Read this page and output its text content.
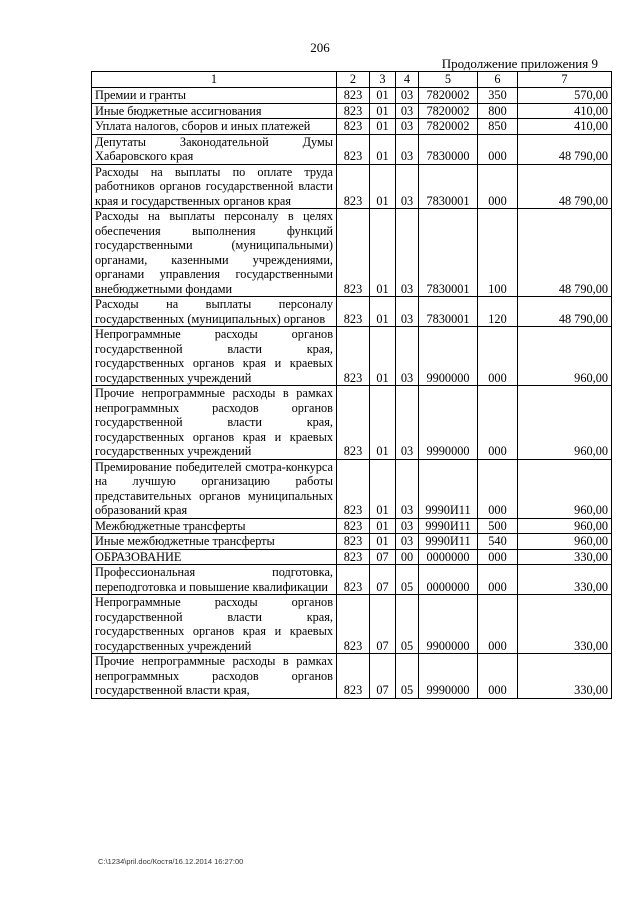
206
Продолжение приложения 9
1	2	3	4	5	6	7
Премии и гранты	823	01	03	7820002	350	570,00
Иные бюджетные ассигнования	823	01	03	7820002	800	410,00
Уплата налогов, сборов и иных платежей	823	01	03	7820002	850	410,00
Депутаты Законодательной Думы Хабаровского края	823	01	03	7830000	000	48 790,00
Расходы на выплаты по оплате труда работников органов государственной власти края и государственных органов края	823	01	03	7830001	000	48 790,00
Расходы на выплаты персоналу в целях обеспечения выполнения функций государственными (муниципальными) органами, казенными учреждениями, органами управления государственными внебюджетными фондами	823	01	03	7830001	100	48 790,00
Расходы на выплаты персоналу государственных (муниципальных) органов	823	01	03	7830001	120	48 790,00
Непрограммные расходы органов государственной власти края, государственных органов края и краевых государственных учреждений	823	01	03	9900000	000	960,00
Прочие непрограммные расходы в рамках непрограммных расходов органов государственной власти края, государственных органов края и краевых государственных учреждений	823	01	03	9990000	000	960,00
Премирование победителей смотра-конкурса на лучшую организацию работы представительных органов муниципальных образований края	823	01	03	9990И11	000	960,00
Межбюджетные трансферты	823	01	03	9990И11	500	960,00
Иные межбюджетные трансферты	823	01	03	9990И11	540	960,00
ОБРАЗОВАНИЕ	823	07	00	0000000	000	330,00
Профессиональная подготовка, переподготовка и повышение квалификации	823	07	05	0000000	000	330,00
Непрограммные расходы органов государственной власти края, государственных органов края и краевых государственных учреждений	823	07	05	9900000	000	330,00
Прочие непрограммные расходы в рамках непрограммных расходов органов государственной власти края,	823	07	05	9990000	000	330,00
C:\1234\pril.doc/Костя/16.12.2014 16:27:00
